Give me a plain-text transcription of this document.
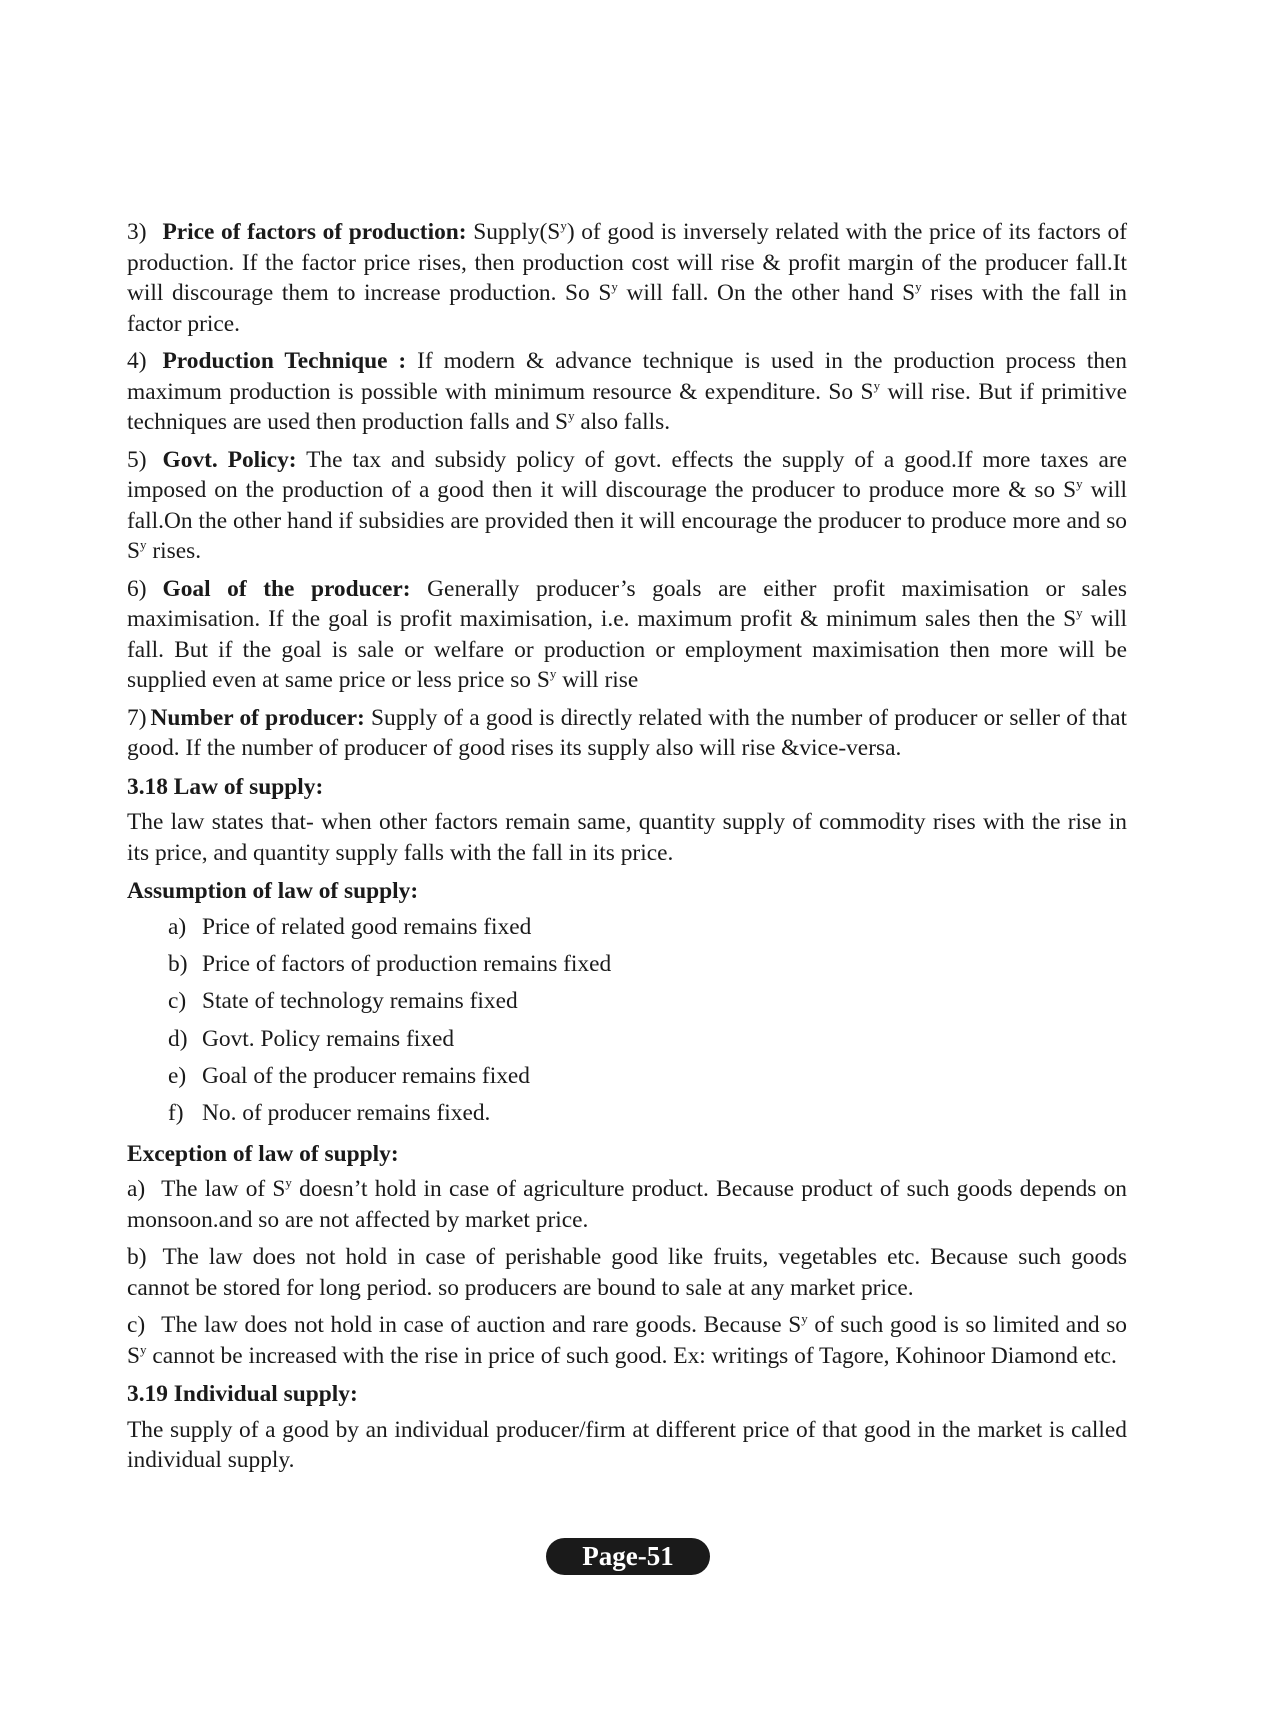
3) Price of factors of production: $Supply(S^y)$ of good is inversely related with the price of its factors of production. If the factor price rises, then production cost will rise & profit margin of the producer fall.It will discourage them to increase production. So $S^y$ will fall. On the other hand $S^y$ rises with the fall in factor price.

4) Production Technique : If modern & advance technique is used in the production process then maximum production is possible with minimum resource & expenditure. So $S^y$ will rise. But if primitive techniques are used then production falls and $S^y$ also falls.

5) Govt. Policy: The tax and subsidy policy of govt. effects the supply of a good.If more taxes are imposed on the production of a good then it will discourage the producer to produce more & so $S^y$ will fall.On the other hand if subsidies are provided then it will encourage the producer to produce more and so $S^y$ rises.

6) Goal of the producer: Generally producer’s goals are either profit maximisation or sales maximisation. If the goal is profit maximisation, i.e. maximum profit & minimum sales then the $S^y$ will fall. But if the goal is sale or welfare or production or employment maximisation then more will be supplied even at same price or less price so $S^y$ will rise

7) Number of producer: Supply of a good is directly related with the number of producer or seller of that good. If the number of producer of good rises its supply also will rise &vice-versa.

3.18 Law of supply:

The law states that- when other factors remain same, quantity supply of commodity rises with the rise in its price, and quantity supply falls with the fall in its price.

Assumption of law of supply:
a) Price of related good remains fixed
b) Price of factors of production remains fixed
c) State of technology remains fixed
d) Govt. Policy remains fixed
e) Goal of the producer remains fixed
f) No. of producer remains fixed.
Exception of law of supply:

a) The law of $S^y$ doesn’t hold in case of agriculture product. Because product of such goods depends on monsoon.and so are not affected by market price.

b) The law does not hold in case of perishable good like fruits, vegetables etc. Because such goods cannot be stored for long period. so producers are bound to sale at any market price.

c) The law does not hold in case of auction and rare goods. Because $S^y$ of such good is so limited and so $S^y$ cannot be increased with the rise in price of such good. Ex: writings of Tagore, Kohinoor Diamond etc.

3.19 Individual supply:

The supply of a good by an individual producer/firm at different price of that good in the market is called individual supply.

Page-51
